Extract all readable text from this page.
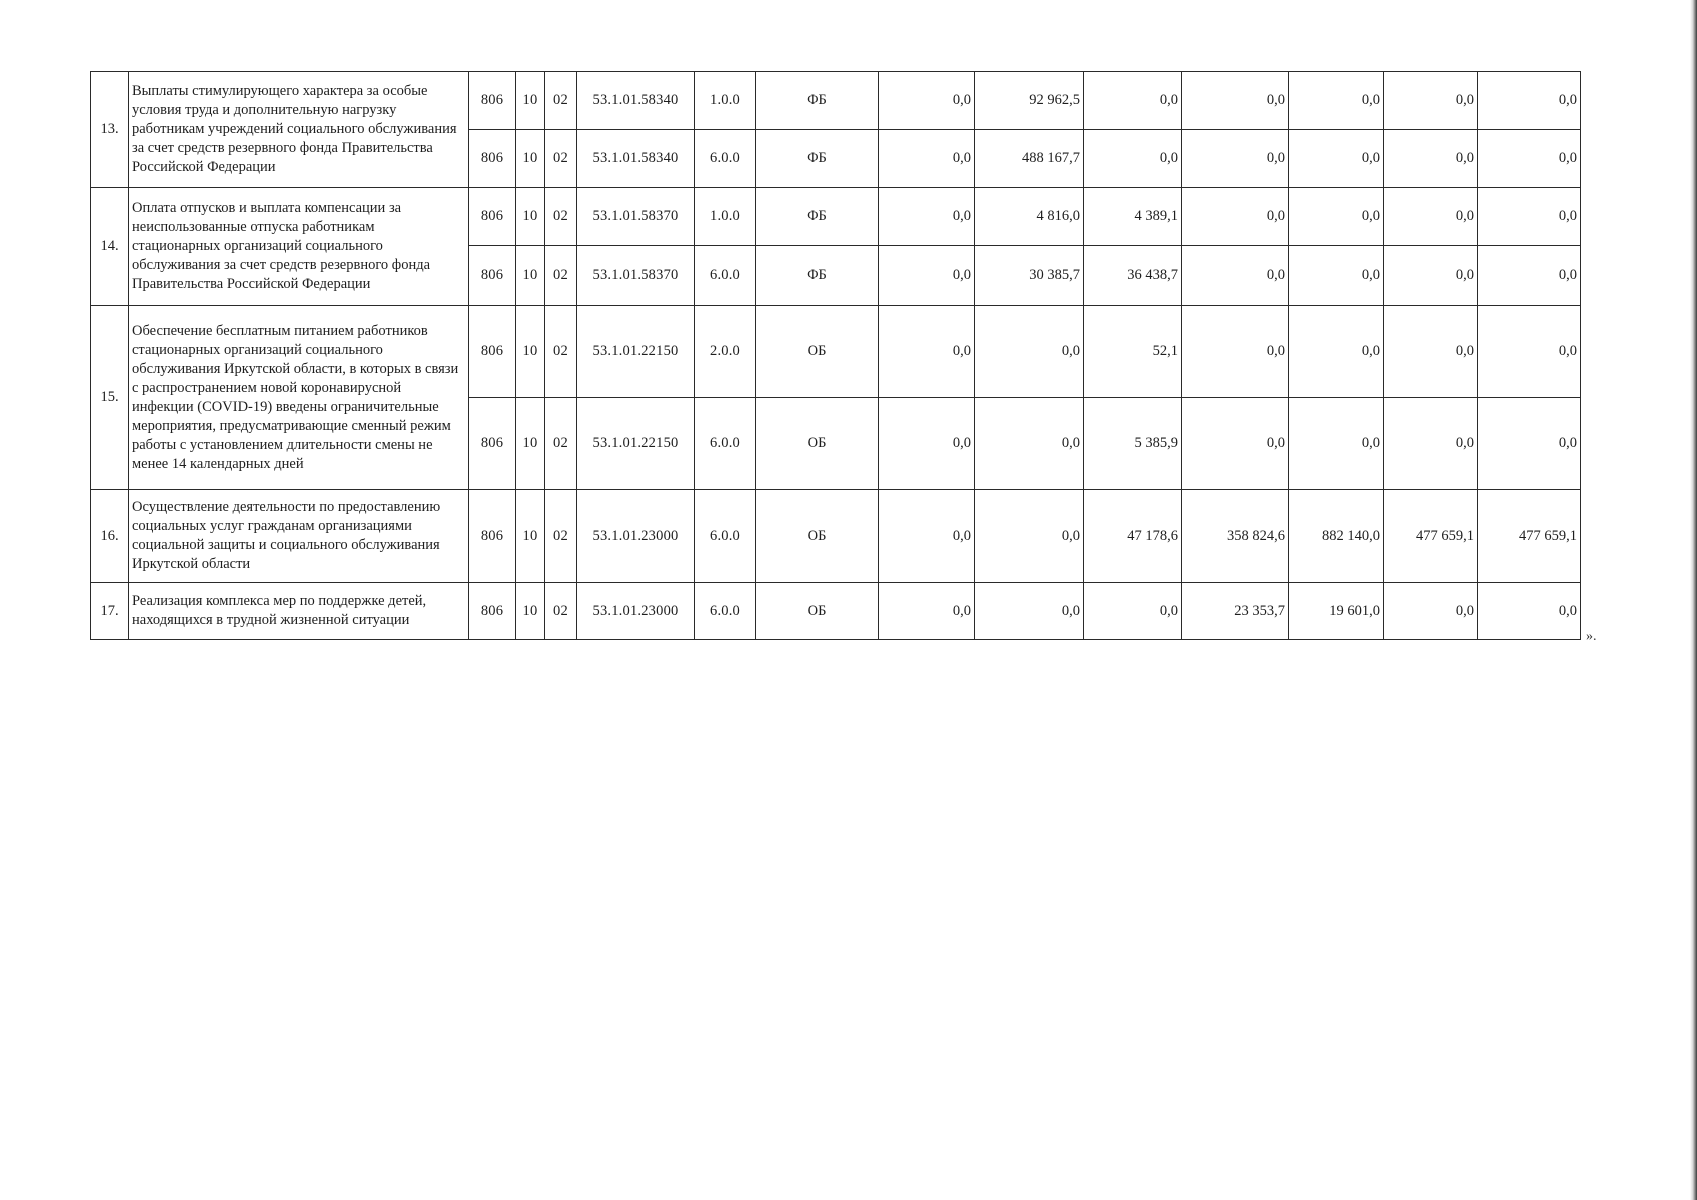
13.	Выплаты стимулирующего характера за особые условия труда и дополнительную нагрузку работникам учреждений социального обслуживания за счет средств резервного фонда Правительства Российской Федерации	806	10	02	53.1.01.58340	1.0.0	ФБ	0,0	92 962,5	0,0	0,0	0,0	0,0	0,0
		806	10	02	53.1.01.58340	6.0.0	ФБ	0,0	488 167,7	0,0	0,0	0,0	0,0	0,0
14.	Оплата отпусков и выплата компенсации за неиспользованные отпуска работникам стационарных организаций социального обслуживания за счет средств резервного фонда Правительства Российской Федерации	806	10	02	53.1.01.58370	1.0.0	ФБ	0,0	4 816,0	4 389,1	0,0	0,0	0,0	0,0
		806	10	02	53.1.01.58370	6.0.0	ФБ	0,0	30 385,7	36 438,7	0,0	0,0	0,0	0,0
15.	Обеспечение бесплатным питанием работников стационарных организаций социального обслуживания Иркутской области, в которых в связи с распространением новой коронавирусной инфекции (COVID-19) введены ограничительные мероприятия, предусматривающие сменный режим работы с установлением длительности смены не менее 14 календарных дней	806	10	02	53.1.01.22150	2.0.0	ОБ	0,0	0,0	52,1	0,0	0,0	0,0	0,0
		806	10	02	53.1.01.22150	6.0.0	ОБ	0,0	0,0	5 385,9	0,0	0,0	0,0	0,0
16.	Осуществление деятельности по предоставлению социальных услуг гражданам организациями социальной защиты и социального обслуживания Иркутской области	806	10	02	53.1.01.23000	6.0.0	ОБ	0,0	0,0	47 178,6	358 824,6	882 140,0	477 659,1	477 659,1
17.	Реализация комплекса мер по поддержке детей, находящихся в трудной жизненной ситуации	806	10	02	53.1.01.23000	6.0.0	ОБ	0,0	0,0	0,0	23 353,7	19 601,0	0,0	0,0
».
